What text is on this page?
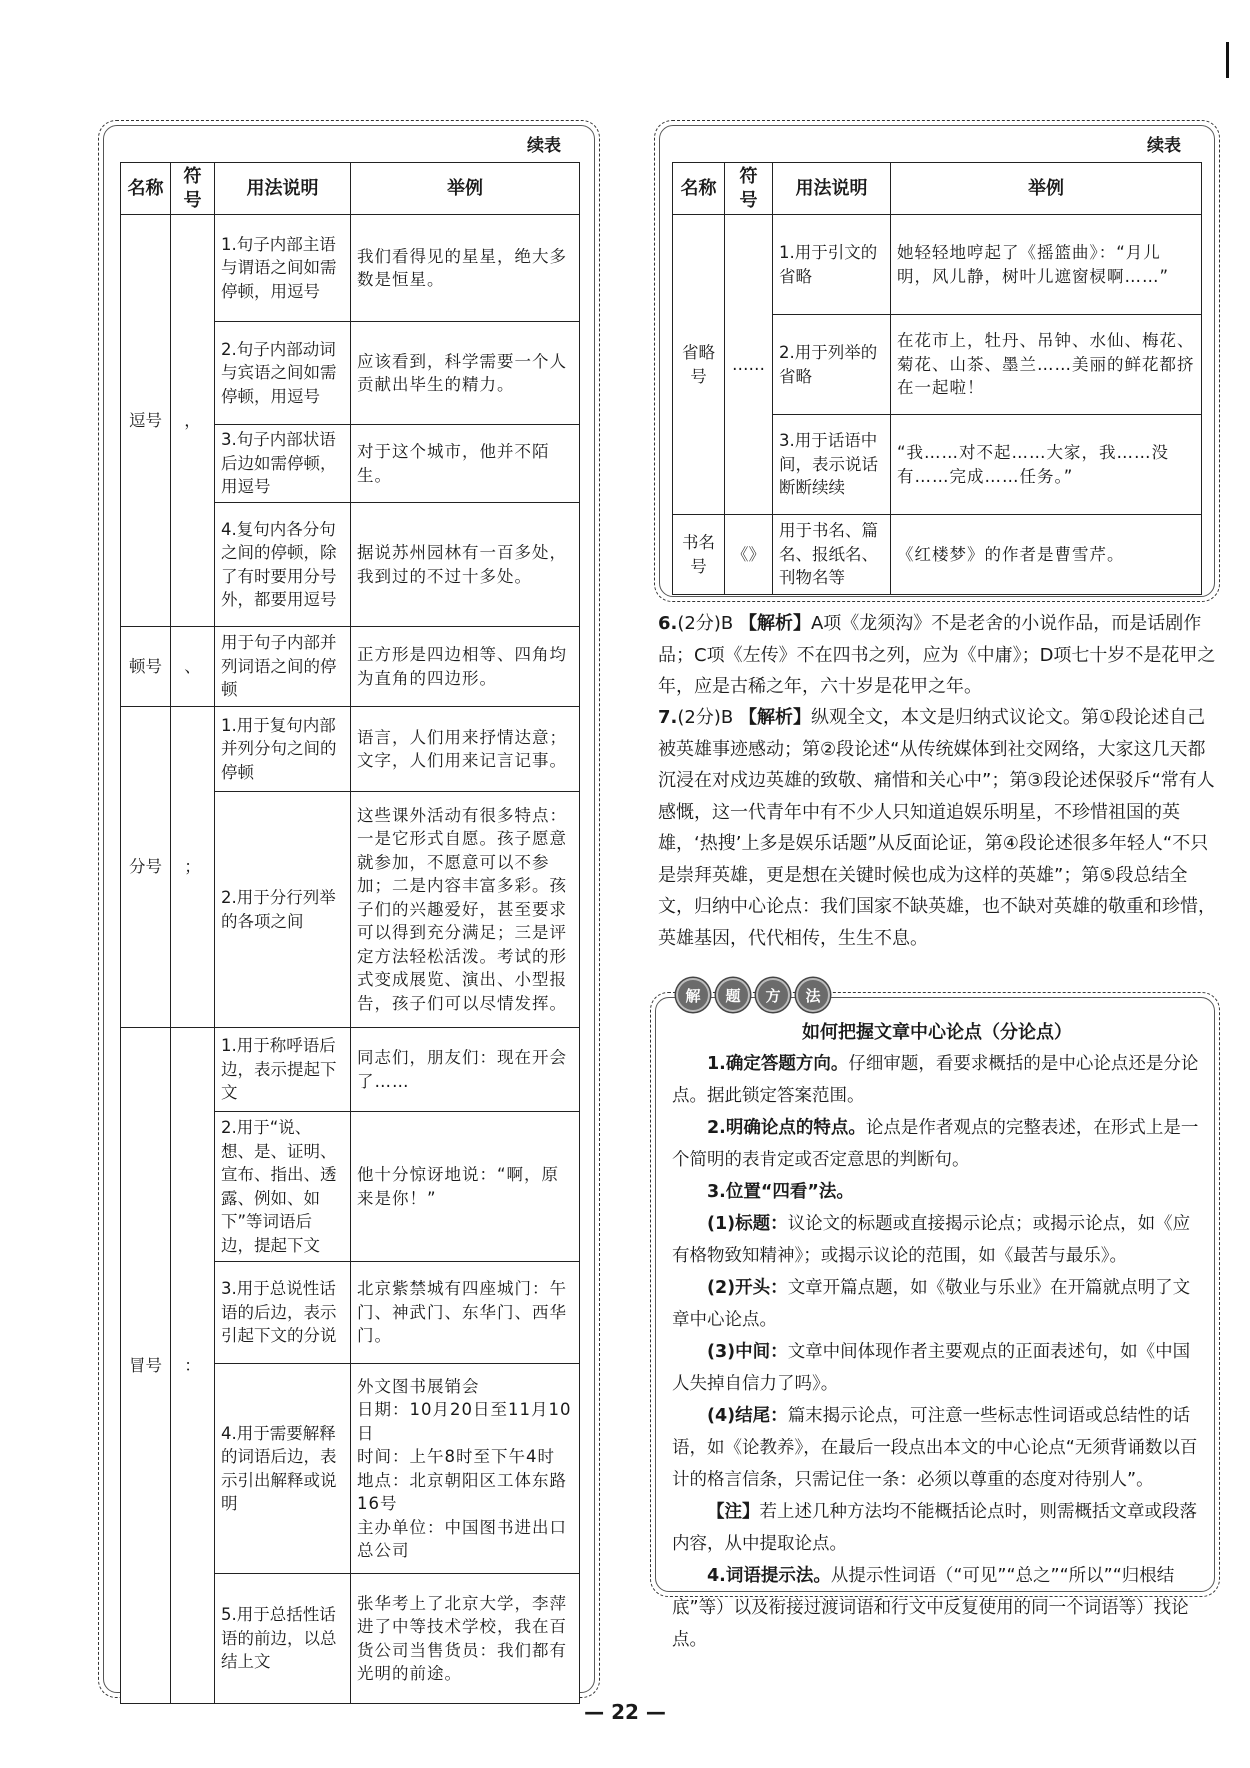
续表
名称	符号	用法说明	举例
逗号	，	1.句子内部主语与谓语之间如需停顿，用逗号	我们看得见的星星，绝大多数是恒星。
		2.句子内部动词与宾语之间如需停顿，用逗号	应该看到，科学需要一个人贡献出毕生的精力。
		3.句子内部状语后边如需停顿，用逗号	对于这个城市，他并不陌生。
		4.复句内各分句之间的停顿，除了有时要用分号外，都要用逗号	据说苏州园林有一百多处，我到过的不过十多处。
顿号	、	用于句子内部并列词语之间的停顿	正方形是四边相等、四角均为直角的四边形。
分号	；	1.用于复句内部并列分句之间的停顿	语言，人们用来抒情达意；文字，人们用来记言记事。
		2.用于分行列举的各项之间	这些课外活动有很多特点：一是它形式自愿。孩子愿意就参加，不愿意可以不参加；二是内容丰富多彩。孩子们的兴趣爱好，甚至要求可以得到充分满足；三是评定方法轻松活泼。考试的形式变成展览、演出、小型报告，孩子们可以尽情发挥。
冒号	：	1.用于称呼语后边，表示提起下文	同志们，朋友们：现在开会了……
		2.用于“说、想、是、证明、宣布、指出、透露、例如、如下”等词语后边，提起下文	他十分惊讶地说：“啊，原来是你！”
		3.用于总说性话语的后边，表示引起下文的分说	北京紫禁城有四座城门：午门、神武门、东华门、西华门。
		4.用于需要解释的词语后边，表示引出解释或说明	外文图书展销会
日期：10月20日至11月10日
时间：上午8时至下午4时
地点：北京朝阳区工体东路16号
主办单位：中国图书进出口总公司
		5.用于总括性话语的前边，以总结上文	张华考上了北京大学，李萍进了中等技术学校，我在百货公司当售货员：我们都有光明的前途。
续表
名称	符号	用法说明	举例
省略号	……	1.用于引文的省略	她轻轻地哼起了《摇篮曲》：“月儿明，风儿静，树叶儿遮窗棂啊……”
		2.用于列举的省略	在花市上，牡丹、吊钟、水仙、梅花、菊花、山茶、墨兰……美丽的鲜花都挤在一起啦！
		3.用于话语中间，表示说话断断续续	“我……对不起……大家，我……没有……完成……任务。”
书名号	《》	用于书名、篇名、报纸名、刊物名等	《红楼梦》的作者是曹雪芹。
6.(2分)B 【解析】A项《龙须沟》不是老舍的小说作品，而是话剧作品；C项《左传》不在四书之列，应为《中庸》；D项七十岁不是花甲之年，应是古稀之年，六十岁是花甲之年。
7.(2分)B 【解析】纵观全文，本文是归纳式议论文。第①段论述自己被英雄事迹感动；第②段论述“从传统媒体到社交网络，大家这几天都沉浸在对戍边英雄的致敬、痛惜和关心中”；第③段论述保驳斥“常有人感慨，这一代青年中有不少人只知道追娱乐明星，不珍惜祖国的英雄，‘热搜’上多是娱乐话题”从反面论证，第④段论述很多年轻人“不只是崇拜英雄，更是想在关键时候也成为这样的英雄”；第⑤段总结全文，归纳中心论点：我们国家不缺英雄，也不缺对英雄的敬重和珍惜，英雄基因，代代相传，生生不息。
解	题	方	法
如何把握文章中心论点（分论点）

1.确定答题方向。仔细审题，看要求概括的是中心论点还是分论点。据此锁定答案范围。

2.明确论点的特点。论点是作者观点的完整表述，在形式上是一个简明的表肯定或否定意思的判断句。

3.位置“四看”法。

(1)标题：议论文的标题或直接揭示论点；或揭示论点，如《应有格物致知精神》；或揭示议论的范围，如《最苦与最乐》。

(2)开头：文章开篇点题，如《敬业与乐业》在开篇就点明了文章中心论点。

(3)中间：文章中间体现作者主要观点的正面表述句，如《中国人失掉自信力了吗》。

(4)结尾：篇末揭示论点，可注意一些标志性词语或总结性的话语，如《论教养》，在最后一段点出本文的中心论点“无须背诵数以百计的格言信条，只需记住一条：必须以尊重的态度对待别人”。

【注】若上述几种方法均不能概括论点时，则需概括文章或段落内容，从中提取论点。

4.词语提示法。从提示性词语（“可见”“总之”“所以”“归根结底”等）以及衔接过渡词语和行文中反复使用的同一个词语等）找论点。

— 22 —
